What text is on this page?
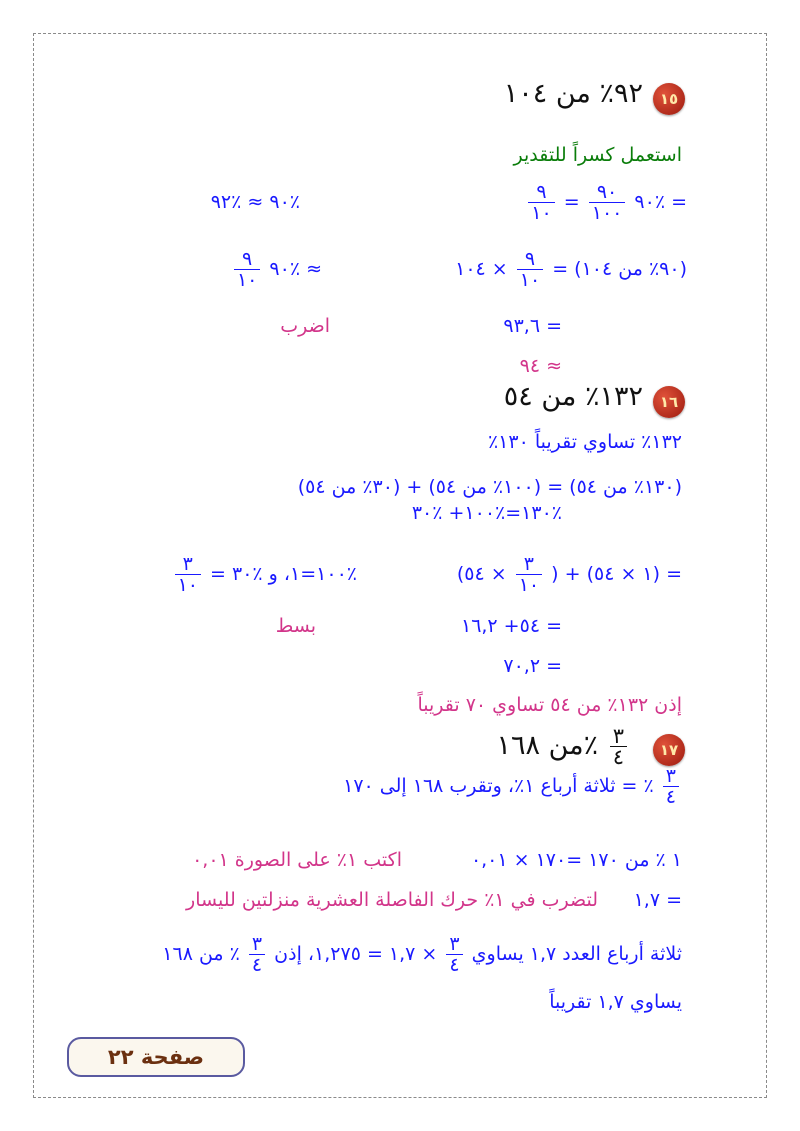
١٥
٩٢٪ من ١٠٤
استعمل كسراً للتقدير
= ٪٩٠
$\frac{٩٠}{١٠٠}$
=
$\frac{٩}{١٠}$
٪٩٠ ≈ ٪٩٢
(٩٠٪ من ١٠٤) =
$\frac{٩}{١٠}$
× ١٠٤
≈ ٪٩٠
$\frac{٩}{١٠}$
= ٩٣,٦
اضرب
≈ ٩٤
١٦
١٣٢٪ من ٥٤
١٣٢٪ تساوي تقريباً ١٣٠٪
(١٣٠٪ من ٥٤) = (١٠٠٪ من ٥٤) + (٣٠٪ من ٥٤)
٪١٣٠=٪١٠٠+ ٪٣٠
= (١ × ٥٤) + (
$\frac{٣}{١٠}$
× ٥٤)
٪١٠٠=١، و ٪٣٠ =
$\frac{٣}{١٠}$
= ٥٤+ ١٦,٢
بسط
= ٧٠,٢
إذن ١٣٢٪ من ٥٤ تساوي ٧٠ تقريباً
١٧
$\frac{٣}{٤}$
٪من ١٦٨
$\frac{٣}{٤}$
٪ = ثلاثة أرباع ١٪، وتقرب ١٦٨ إلى ١٧٠
١ ٪ من ١٧٠ =١٧٠ × ٠,٠١
اكتب ١٪ على الصورة ٠,٠١
= ١,٧
لتضرب في ١٪ حرك الفاصلة العشرية منزلتين لليسار
ثلاثة أرباع العدد ١,٧ يساوي
$\frac{٣}{٤}$
× ١,٧ = ١,٢٧٥، إذن
$\frac{٣}{٤}$
٪ من ١٦٨
يساوي ١,٧ تقريباً
صفحة ٢٢
